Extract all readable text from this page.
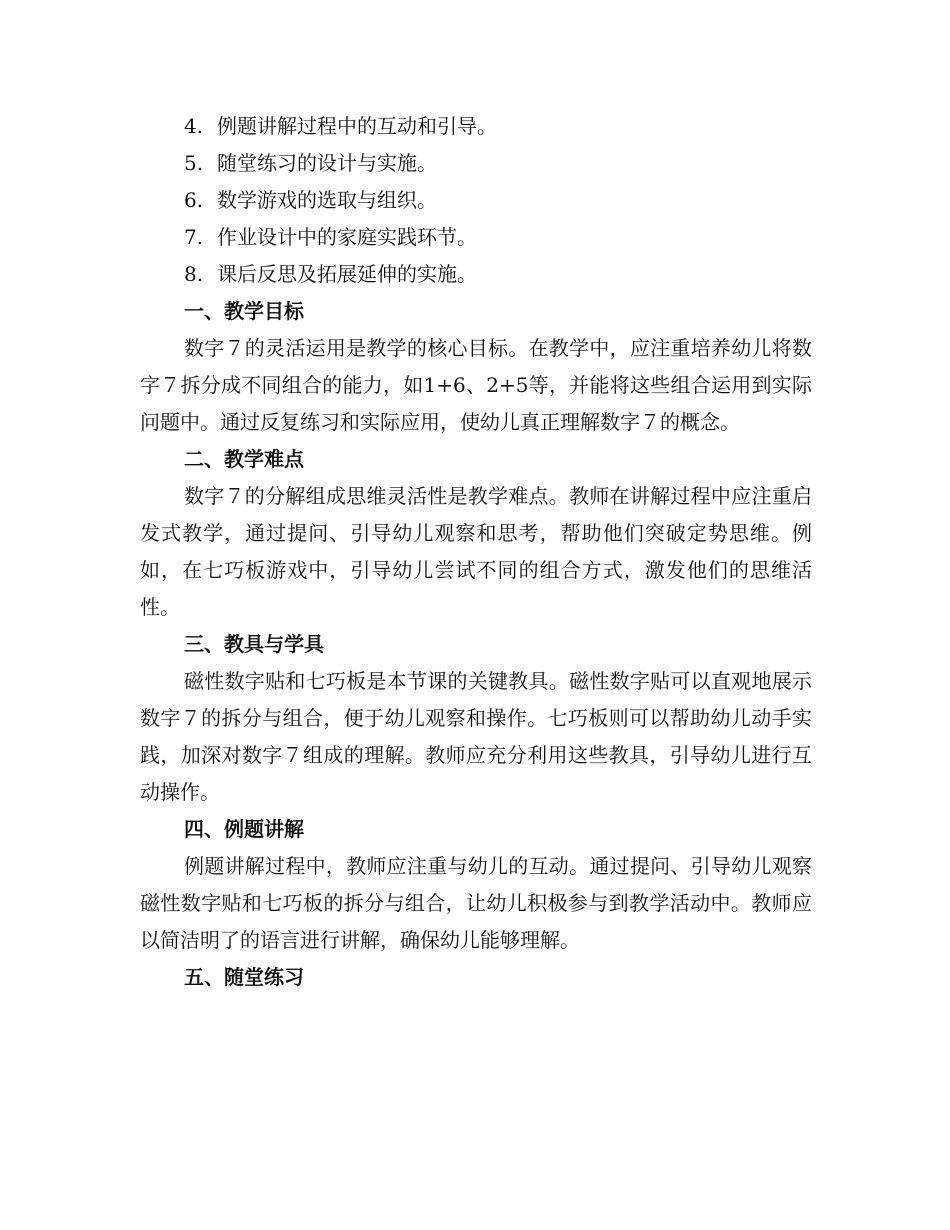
4. 例题讲解过程中的互动和引导。
5. 随堂练习的设计与实施。
6. 数学游戏的选取与组织。
7. 作业设计中的家庭实践环节。
8. 课后反思及拓展延伸的实施。
一、教学目标

数字７的灵活运用是教学的核心目标。在教学中，应注重培养幼儿将数字７拆分成不同组合的能力，如1+6、2+5等，并能将这些组合运用到实际问题中。通过反复练习和实际应用，使幼儿真正理解数字７的概念。

二、教学难点

数字７的分解组成思维灵活性是教学难点。教师在讲解过程中应注重启发式教学，通过提问、引导幼儿观察和思考，帮助他们突破定势思维。例如，在七巧板游戏中，引导幼儿尝试不同的组合方式，激发他们的思维活性。

三、教具与学具

磁性数字贴和七巧板是本节课的关键教具。磁性数字贴可以直观地展示数字７的拆分与组合，便于幼儿观察和操作。七巧板则可以帮助幼儿动手实践，加深对数字７组成的理解。教师应充分利用这些教具，引导幼儿进行互动操作。

四、例题讲解

例题讲解过程中，教师应注重与幼儿的互动。通过提问、引导幼儿观察磁性数字贴和七巧板的拆分与组合，让幼儿积极参与到教学活动中。教师应以简洁明了的语言进行讲解，确保幼儿能够理解。

五、随堂练习
